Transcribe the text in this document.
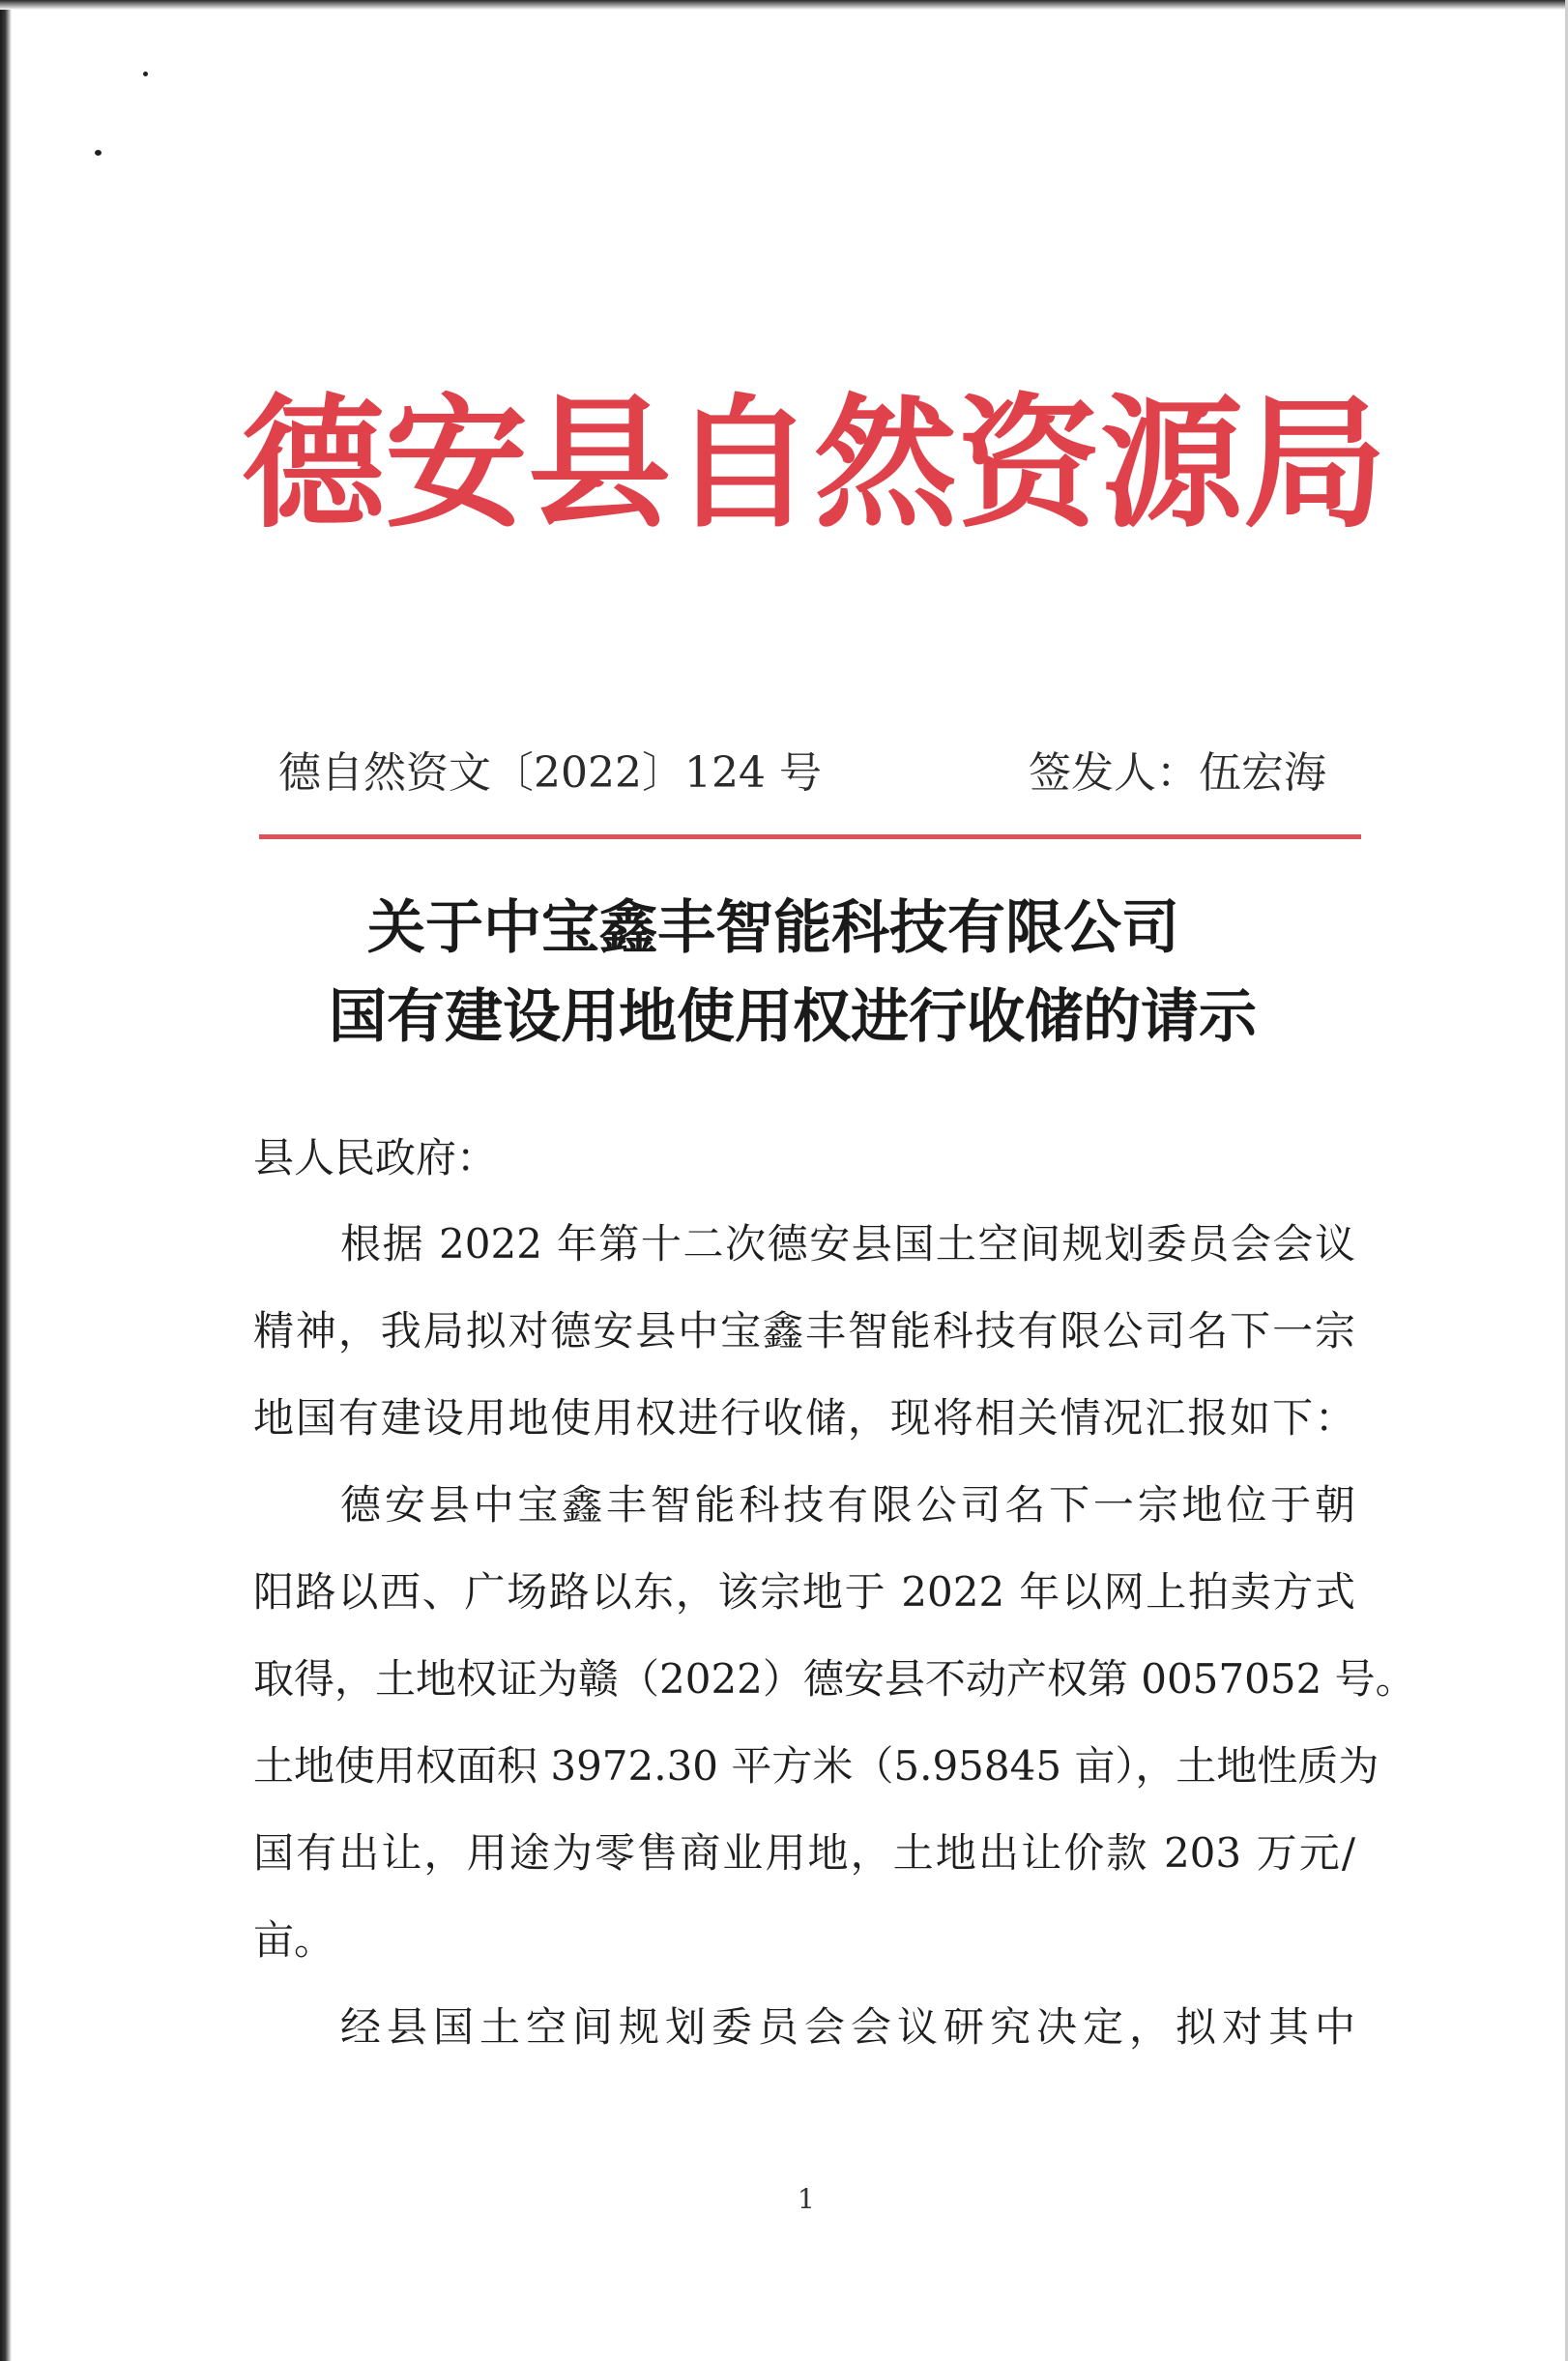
德安县自然资源局
德自然资文〔2022〕124 号	签发人：伍宏海
关于中宝鑫丰智能科技有限公司
国有建设用地使用权进行收储的请示
县人民政府：
根据 2022 年第十二次德安县国土空间规划委员会会议
精神，我局拟对德安县中宝鑫丰智能科技有限公司名下一宗
地国有建设用地使用权进行收储，现将相关情况汇报如下：
德安县中宝鑫丰智能科技有限公司名下一宗地位于朝
阳路以西、广场路以东，该宗地于 2022 年以网上拍卖方式
取得，土地权证为赣（2022）德安县不动产权第 0057052 号。
土地使用权面积 3972.30 平方米（5.95845 亩），土地性质为
国有出让，用途为零售商业用地，土地出让价款 203 万元/
亩。
经县国土空间规划委员会会议研究决定，拟对其中
1
